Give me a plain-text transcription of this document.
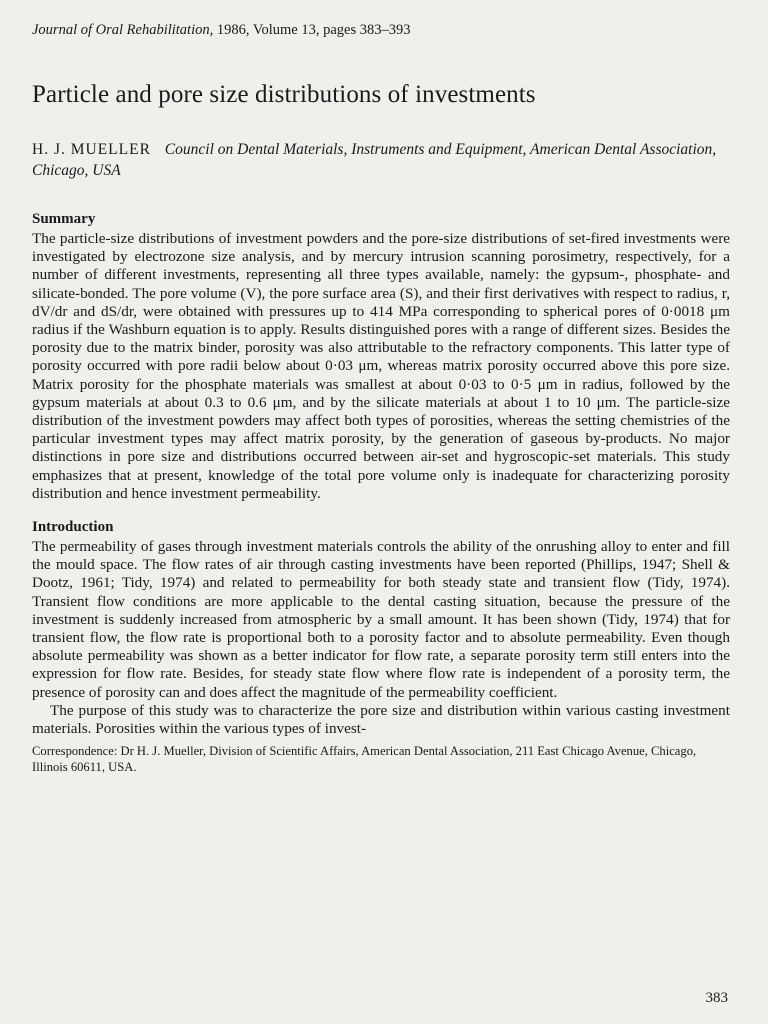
Journal of Oral Rehabilitation, 1986, Volume 13, pages 383–393
Particle and pore size distributions of investments
H. J. MUELLER Council on Dental Materials, Instruments and Equipment, American Dental Association, Chicago, USA
Summary

The particle-size distributions of investment powders and the pore-size distributions of set-fired investments were investigated by electrozone size analysis, and by mercury intrusion scanning porosimetry, respectively, for a number of different investments, representing all three types available, namely: the gypsum-, phosphate- and silicate-bonded. The pore volume (V), the pore surface area (S), and their first derivatives with respect to radius, r, dV/dr and dS/dr, were obtained with pressures up to 414 MPa corresponding to spherical pores of 0·0018 μm radius if the Washburn equation is to apply. Results distinguished pores with a range of different sizes. Besides the porosity due to the matrix binder, porosity was also attributable to the refractory components. This latter type of porosity occurred with pore radii below about 0·03 μm, whereas matrix porosity occurred above this pore size. Matrix porosity for the phosphate materials was smallest at about 0·03 to 0·5 μm in radius, followed by the gypsum materials at about 0.3 to 0.6 μm, and by the silicate materials at about 1 to 10 μm. The particle-size distribution of the investment powders may affect both types of porosities, whereas the setting chemistries of the particular investment types may affect matrix porosity, by the generation of gaseous by-products. No major distinctions in pore size and distributions occurred between air-set and hygroscopic-set materials. This study emphasizes that at present, knowledge of the total pore volume only is inadequate for characterizing porosity distribution and hence investment permeability.

Introduction

The permeability of gases through investment materials controls the ability of the onrushing alloy to enter and fill the mould space. The flow rates of air through casting investments have been reported (Phillips, 1947; Shell & Dootz, 1961; Tidy, 1974) and related to permeability for both steady state and transient flow (Tidy, 1974). Transient flow conditions are more applicable to the dental casting situation, because the pressure of the investment is suddenly increased from atmospheric by a small amount. It has been shown (Tidy, 1974) that for transient flow, the flow rate is proportional both to a porosity factor and to absolute permeability. Even though absolute permeability was shown as a better indicator for flow rate, a separate porosity term still enters into the expression for flow rate. Besides, for steady state flow where flow rate is independent of a porosity term, the presence of porosity can and does affect the magnitude of the permeability coefficient.

The purpose of this study was to characterize the pore size and distribution within various casting investment materials. Porosities within the various types of invest-

Correspondence: Dr H. J. Mueller, Division of Scientific Affairs, American Dental Association, 211 East Chicago Avenue, Chicago, Illinois 60611, USA.
383
